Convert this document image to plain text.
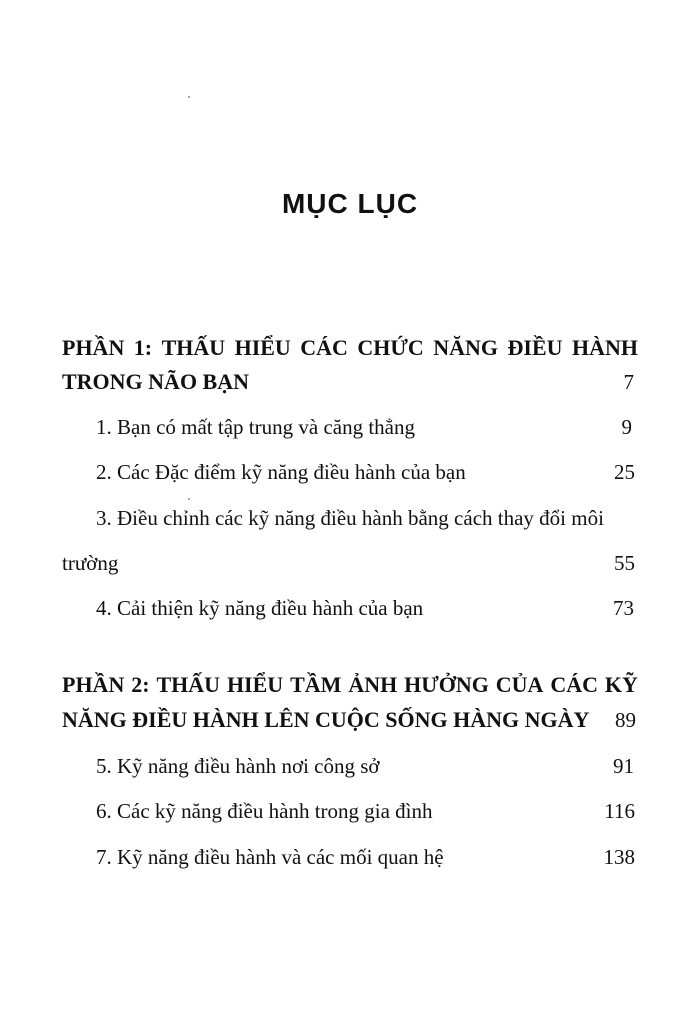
MỤC LỤC
PHẦN 1: THẤU HIỂU CÁC CHỨC NĂNG ĐIỀU HÀNH
TRONG NÃO BẠN	7
1. Bạn có mất tập trung và căng thẳng	9
2. Các Đặc điểm kỹ năng điều hành của bạn	25
3. Điều chỉnh các kỹ năng điều hành bằng cách thay đổi môi
trường	55
4. Cải thiện kỹ năng điều hành của bạn	73
PHẦN 2: THẤU HIỂU TẦM ẢNH HƯỞNG CỦA CÁC KỸ
NĂNG ĐIỀU HÀNH LÊN CUỘC SỐNG HÀNG NGÀY 89
5. Kỹ năng điều hành nơi công sở	91
6. Các kỹ năng điều hành trong gia đình	116
7. Kỹ năng điều hành và các mối quan hệ	138
